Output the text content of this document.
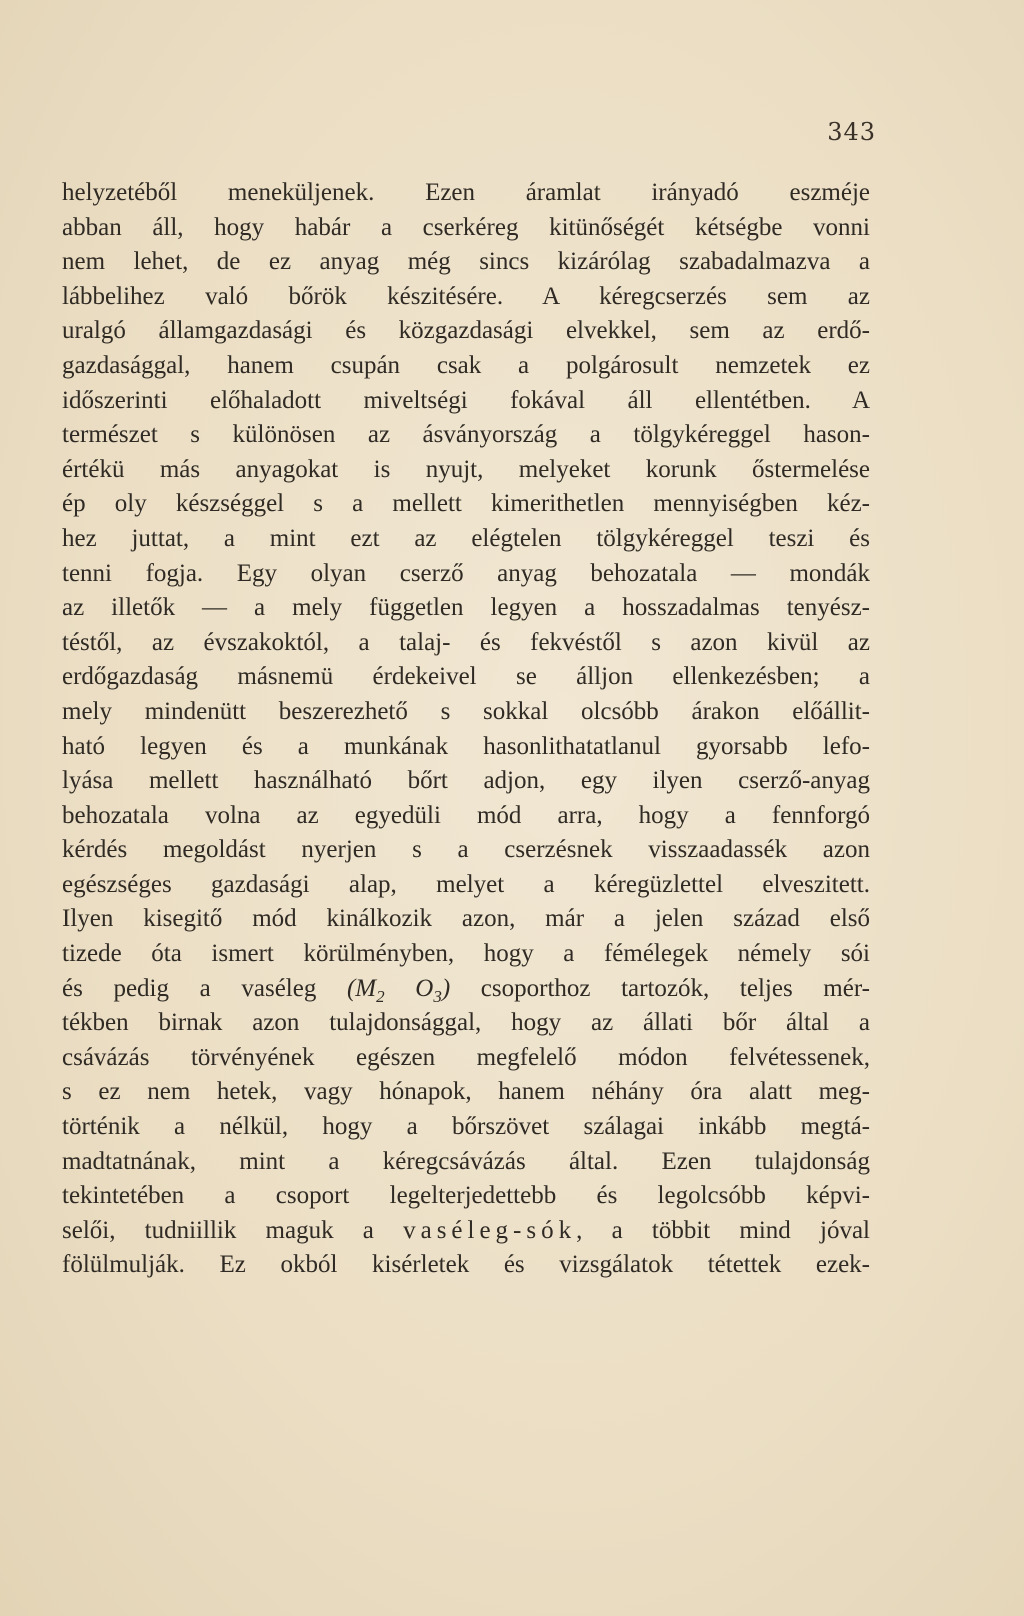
343
helyzetéből meneküljenek. Ezen áramlat irányadó eszméje
abban áll, hogy habár a cserkéreg kitünőségét kétségbe vonni
nem lehet, de ez anyag még sincs kizárólag szabadalmazva a
lábbelihez való bőrök készitésére. A kéregcserzés sem az
uralgó államgazdasági és közgazdasági elvekkel, sem az erdő-
gazdasággal, hanem csupán csak a polgárosult nemzetek ez
időszerinti előhaladott miveltségi fokával áll ellentétben. A
természet s különösen az ásványország a tölgykéreggel hason-
értékü más anyagokat is nyujt, melyeket korunk őstermelése
ép oly készséggel s a mellett kimerithetlen mennyiségben kéz-
hez juttat, a mint ezt az elégtelen tölgykéreggel teszi és
tenni fogja. Egy olyan cserző anyag behozatala — mondák
az illetők — a mely független legyen a hosszadalmas tenyész-
téstől, az évszakoktól, a talaj- és fekvéstől s azon kivül az
erdőgazdaság másnemü érdekeivel se álljon ellenkezésben; a
mely mindenütt beszerezhető s sokkal olcsóbb árakon előállit-
ható legyen és a munkának hasonlithatatlanul gyorsabb lefo-
lyása mellett használható bőrt adjon, egy ilyen cserző-anyag
behozatala volna az egyedüli mód arra, hogy a fennforgó
kérdés megoldást nyerjen s a cserzésnek visszaadassék azon
egészséges gazdasági alap, melyet a kéregüzlettel elveszitett.
Ilyen kisegitő mód kinálkozik azon, már a jelen század első
tizede óta ismert körülményben, hogy a fémélegek némely sói
és pedig a vaséleg ($M_2$ $O_3$) csoporthoz tartozók, teljes mér-
tékben birnak azon tulajdonsággal, hogy az állati bőr által a
csávázás törvényének egészen megfelelő módon felvétessenek,
s ez nem hetek, vagy hónapok, hanem néhány óra alatt meg-
történik a nélkül, hogy a bőrszövet szálagai inkább megtá-
madtatnának, mint a kéregcsávázás által. Ezen tulajdonság
tekintetében a csoport legelterjedettebb és legolcsóbb képvi-
selői, tudniillik maguk a vaséleg-sók, a többit mind jóval
fölülmulják. Ez okból kisérletek és vizsgálatok tétettek ezek-
